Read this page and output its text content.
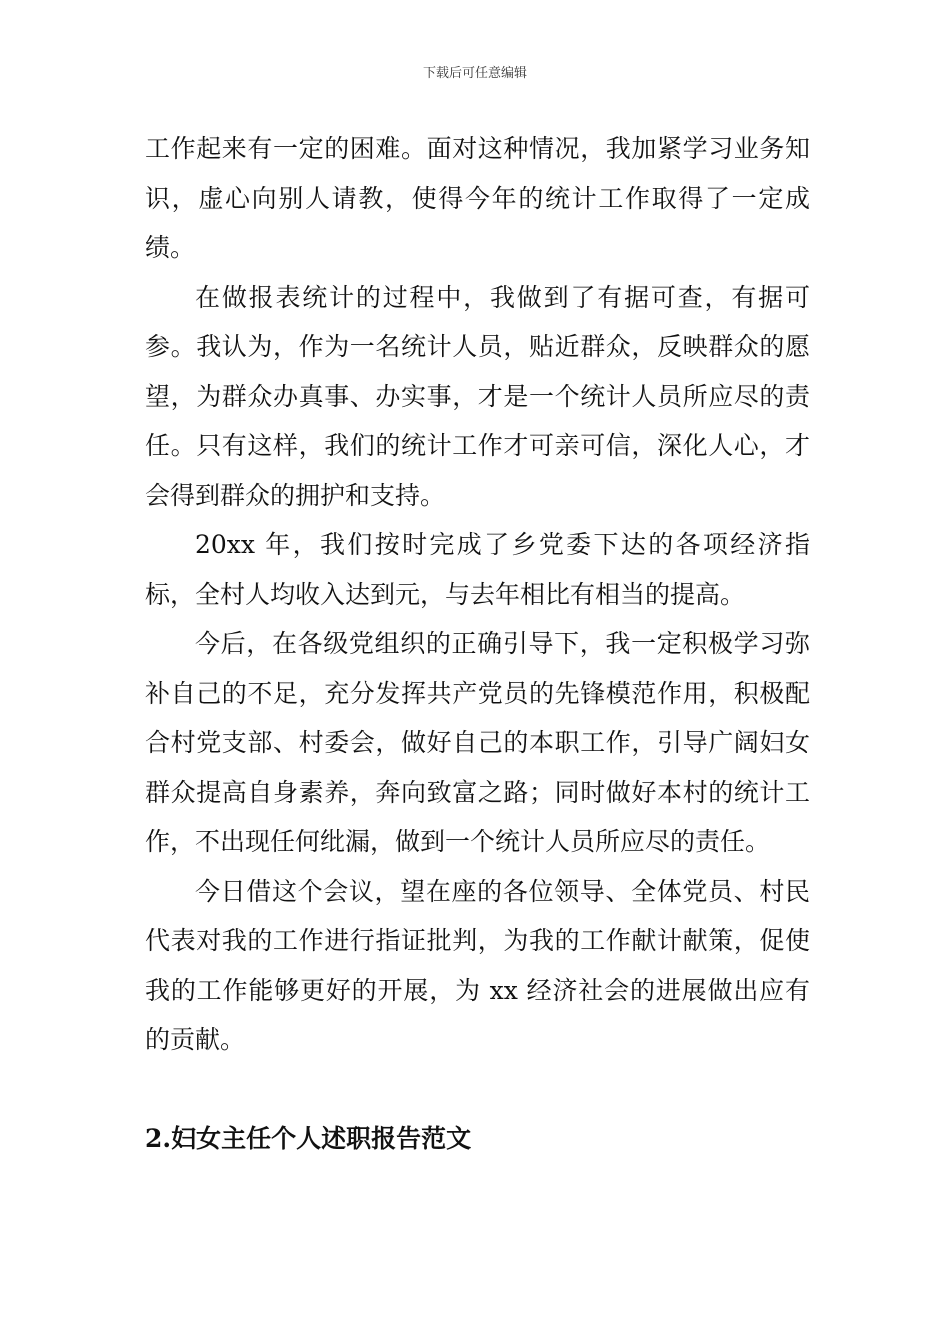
下载后可任意编辑

工作起来有一定的困难。面对这种情况，我加紧学习业务知识，虚心向别人请教，使得今年的统计工作取得了一定成绩。

在做报表统计的过程中，我做到了有据可查，有据可参。我认为，作为一名统计人员，贴近群众，反映群众的愿望，为群众办真事、办实事，才是一个统计人员所应尽的责任。只有这样，我们的统计工作才可亲可信，深化人心，才会得到群众的拥护和支持。

20xx 年，我们按时完成了乡党委下达的各项经济指标，全村人均收入达到元，与去年相比有相当的提高。

今后，在各级党组织的正确引导下，我一定积极学习弥补自己的不足，充分发挥共产党员的先锋模范作用，积极配合村党支部、村委会，做好自己的本职工作，引导广阔妇女群众提高自身素养，奔向致富之路；同时做好本村的统计工作，不出现任何纰漏，做到一个统计人员所应尽的责任。

今日借这个会议，望在座的各位领导、全体党员、村民代表对我的工作进行指证批判，为我的工作献计献策，促使我的工作能够更好的开展，为 xx 经济社会的进展做出应有的贡献。

2.妇女主任个人述职报告范文
